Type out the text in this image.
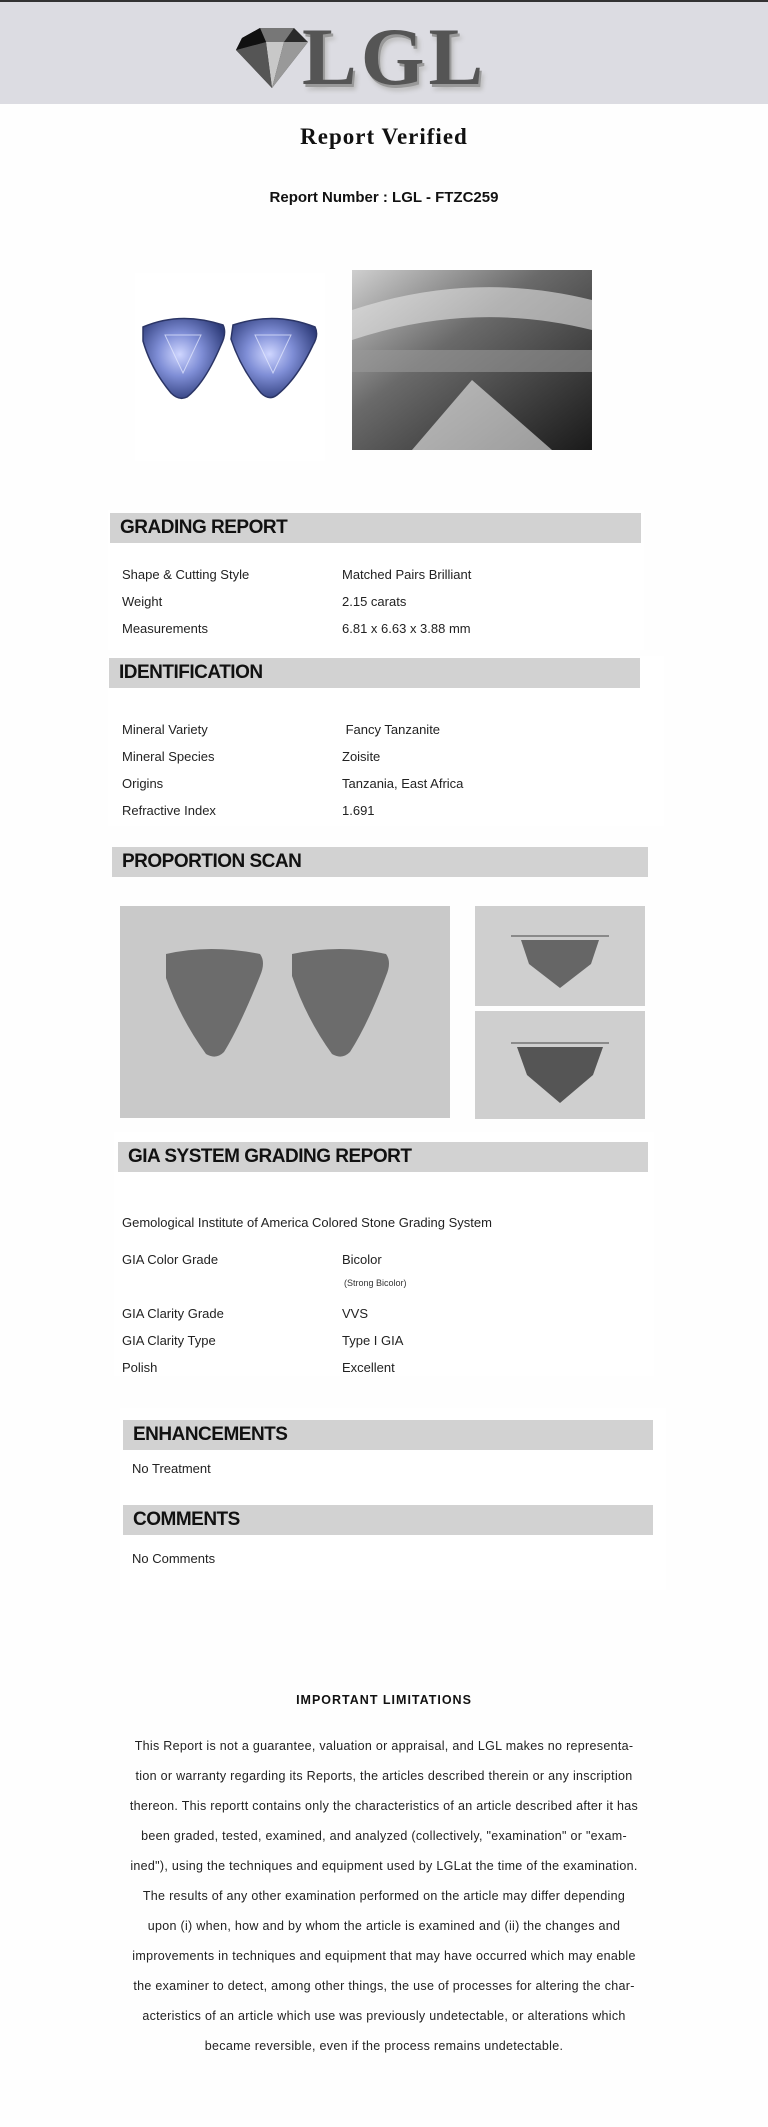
LGL
Report Verified
Report Number : LGL - FTZC259
GRADING REPORT
Shape & Cutting Style	Matched Pairs Brilliant
Weight	2.15 carats
Measurements	6.81 x 6.63 x 3.88 mm
IDENTIFICATION
Mineral Variety	Fancy Tanzanite
Mineral Species	Zoisite
Origins	Tanzania, East Africa
Refractive Index	1.691
PROPORTION SCAN
GIA SYSTEM GRADING REPORT
Gemological Institute of America Colored Stone Grading System
GIA Color Grade	Bicolor
(Strong Bicolor)
GIA Clarity Grade	VVS
GIA Clarity Type	Type I GIA
Polish	Excellent
ENHANCEMENTS
No Treatment
COMMENTS
No Comments
IMPORTANT LIMITATIONS
This Report is not a guarantee, valuation or appraisal, and LGL makes no representa-
tion or warranty regarding its Reports, the articles described therein or any inscription
thereon. This reportt contains only the characteristics of an article described after it has
been graded, tested, examined, and analyzed (collectively, "examination" or "exam-
ined"), using the techniques and equipment used by LGLat the time of the examination.
The results of any other examination performed on the article may differ depending
upon (i) when, how and by whom the article is examined and (ii) the changes and
improvements in techniques and equipment that may have occurred which may enable
the examiner to detect, among other things, the use of processes for altering the char-
acteristics of an article which use was previously undetectable, or alterations which
became reversible, even if the process remains undetectable.
